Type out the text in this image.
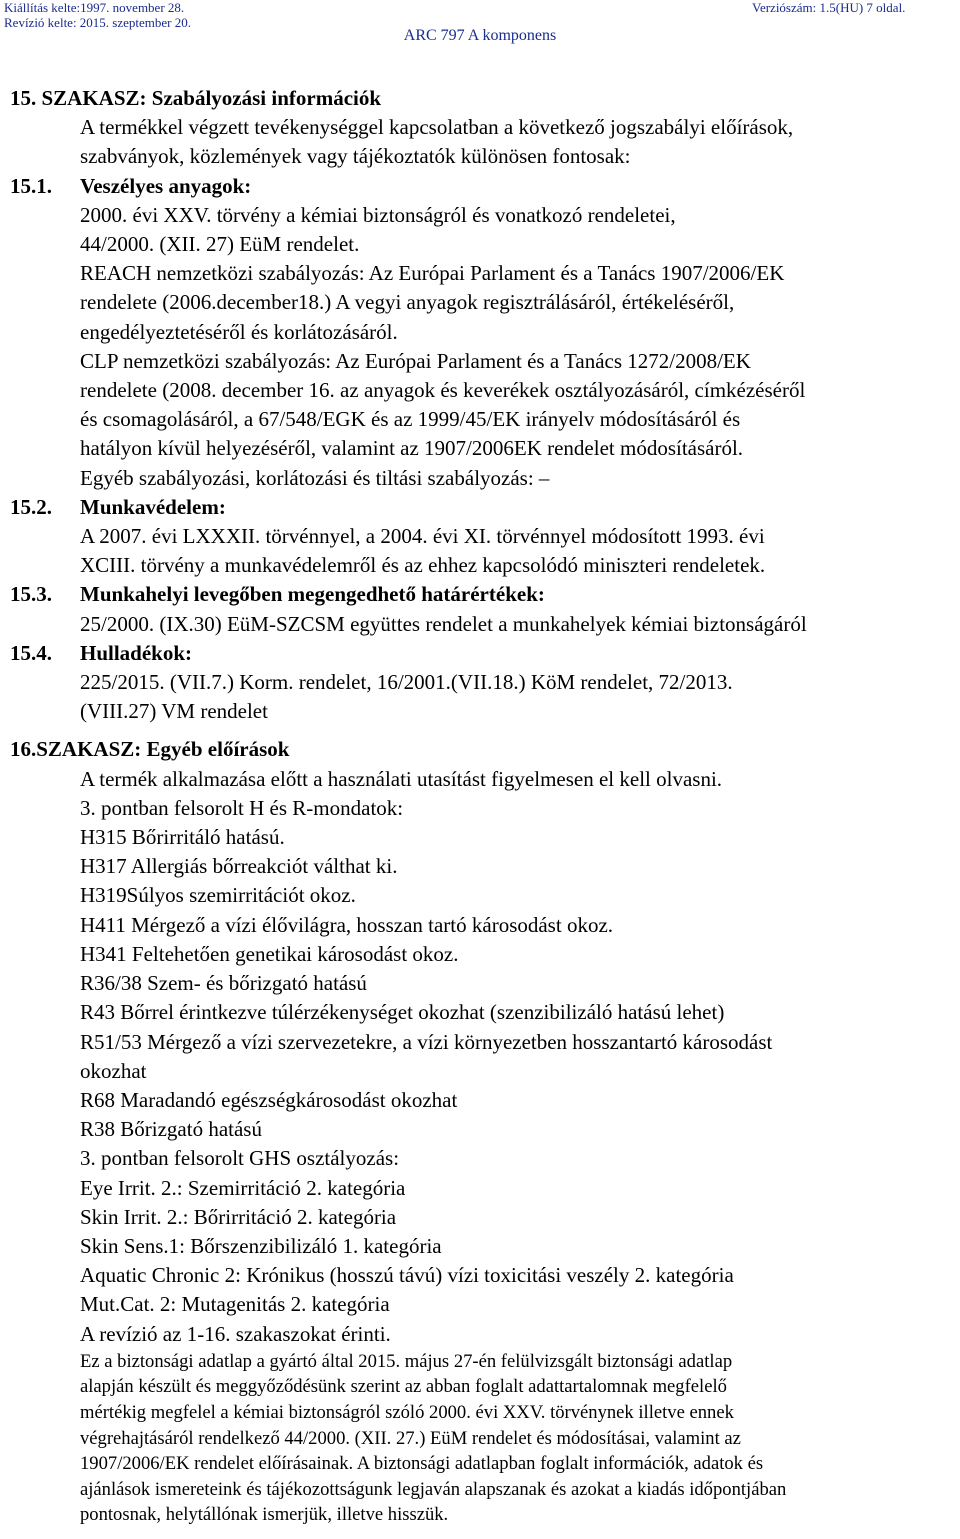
Kiállítás kelte:1997. november 28.
Revízió kelte: 2015. szeptember 20.
Verziószám: 1.5(HU) 7 oldal.
ARC 797 A komponens
15. SZAKASZ: Szabályozási információk
A termékkel végzett tevékenységgel kapcsolatban a következő jogszabályi előírások,
szabványok, közlemények vagy tájékoztatók különösen fontosak:
15.1. Veszélyes anyagok:
2000. évi XXV. törvény a kémiai biztonságról és vonatkozó rendeletei,
44/2000. (XII. 27) EüM rendelet.
REACH nemzetközi szabályozás: Az Európai Parlament és a Tanács 1907/2006/EK
rendelete (2006.december18.) A vegyi anyagok regisztrálásáról, értékeléséről,
engedélyeztetéséről és korlátozásáról.
CLP nemzetközi szabályozás: Az Európai Parlament és a Tanács 1272/2008/EK
rendelete (2008. december 16. az anyagok és keverékek osztályozásáról, címkézéséről
és csomagolásáról, a 67/548/EGK és az 1999/45/EK irányelv módosításáról és
hatályon kívül helyezéséről, valamint az 1907/2006EK rendelet módosításáról.
Egyéb szabályozási, korlátozási és tiltási szabályozás: –
15.2. Munkavédelem:
A 2007. évi LXXXII. törvénnyel, a 2004. évi XI. törvénnyel módosított 1993. évi
XCIII. törvény a munkavédelemről és az ehhez kapcsolódó miniszteri rendeletek.
15.3. Munkahelyi levegőben megengedhető határértékek:
25/2000. (IX.30) EüM-SZCSM együttes rendelet a munkahelyek kémiai biztonságáról
15.4. Hulladékok:
225/2015. (VII.7.) Korm. rendelet, 16/2001.(VII.18.) KöM rendelet, 72/2013.
(VIII.27) VM rendelet
16.SZAKASZ: Egyéb előírások
A termék alkalmazása előtt a használati utasítást figyelmesen el kell olvasni.
3. pontban felsorolt H és R-mondatok:
H315 Bőrirritáló hatású.
H317 Allergiás bőrreakciót válthat ki.
H319Súlyos szemirritációt okoz.
H411 Mérgező a vízi élővilágra, hosszan tartó károsodást okoz.
H341 Feltehetően genetikai károsodást okoz.
R36/38 Szem- és bőrizgató hatású
R43 Bőrrel érintkezve túlérzékenységet okozhat (szenzibilizáló hatású lehet)
R51/53 Mérgező a vízi szervezetekre, a vízi környezetben hosszantartó károsodást
okozhat
R68 Maradandó egészségkárosodást okozhat
R38 Bőrizgató hatású
3. pontban felsorolt GHS osztályozás:
Eye Irrit. 2.: Szemirritáció 2. kategória
Skin Irrit. 2.: Bőrirritáció 2. kategória
Skin Sens.1: Bőrszenzibilizáló 1. kategória
Aquatic Chronic 2: Krónikus (hosszú távú) vízi toxicitási veszély 2. kategória
Mut.Cat. 2: Mutagenitás 2. kategória
A revízió az 1-16. szakaszokat érinti.
Ez a biztonsági adatlap a gyártó által 2015. május 27-én felülvizsgált biztonsági adatlap
alapján készült és meggyőződésünk szerint az abban foglalt adattartalomnak megfelelő
mértékig megfelel a kémiai biztonságról szóló 2000. évi XXV. törvénynek illetve ennek
végrehajtásáról rendelkező 44/2000. (XII. 27.) EüM rendelet és módosításai, valamint az
1907/2006/EK rendelet előírásainak. A biztonsági adatlapban foglalt információk, adatok és
ajánlások ismereteink és tájékozottságunk legjaván alapszanak és azokat a kiadás időpontjában
pontosnak, helytállónak ismerjük, illetve hisszük.
